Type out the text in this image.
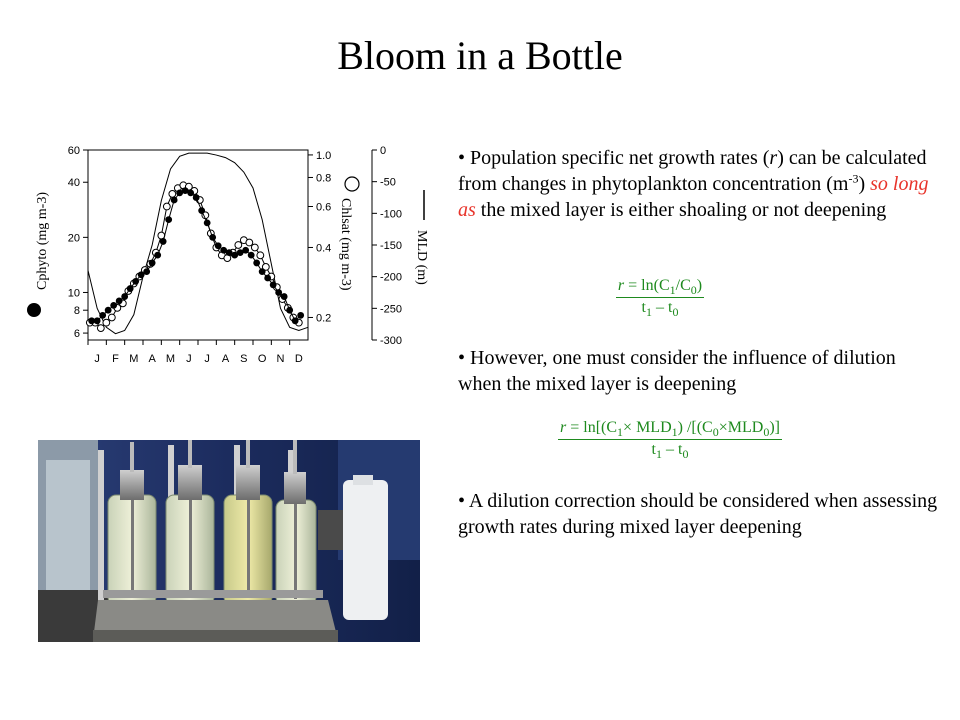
Bloom in a Bottle
6
8
10
20
40
60
0.2
0.4
0.6
0.8
1.0	0
-50
-100
-150
-200
-250
-300
J F M A M J J A S O N D
Cphyto (mg m-3)	Chlsat (mg m-3)	MLD (m)
• Population specific net growth rates (r) can be calculated from changes in phytoplankton concentration $(m^{-3})$ so long as the mixed layer is either shoaling or not deepening
$\frac{r = \ln(C_1/C_0)}{t_1 - t_0}$
• However, one must consider the influence of dilution when the mixed layer is deepening
$r = \ln[(C_1\times MLD_1)$ $/[(C_0\times MLD_0)]$
$t_1 - t_0$
• A dilution correction should be considered when assessing growth rates during mixed layer deepening
